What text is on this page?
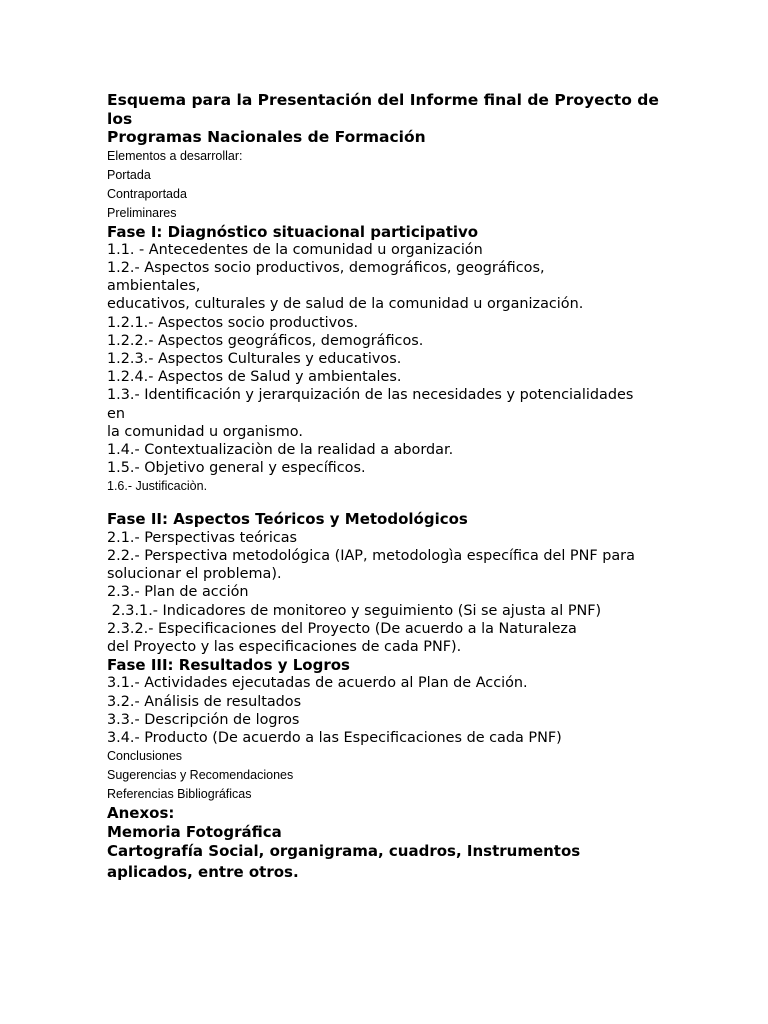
Esquema para la Presentación del Informe final de Proyecto de
los
Programas Nacionales de Formación
Elementos a desarrollar:
Portada
Contraportada
Preliminares
Fase I: Diagnóstico situacional participativo
1.1. - Antecedentes de la comunidad u organización
1.2.- Aspectos socio productivos, demográficos, geográficos,
ambientales,
educativos, culturales y de salud de la comunidad u organización.
1.2.1.- Aspectos socio productivos.
1.2.2.- Aspectos geográficos, demográficos.
1.2.3.- Aspectos Culturales y educativos.
1.2.4.- Aspectos de Salud y ambientales.
1.3.- Identificación y jerarquización de las necesidades y potencialidades
en
la comunidad u organismo.
1.4.- Contextualizaciòn de la realidad a abordar.
1.5.- Objetivo general y específicos.
1.6.- Justificaciòn.
Fase II: Aspectos Teóricos y Metodológicos
2.1.- Perspectivas teóricas
2.2.- Perspectiva metodológica (IAP, metodologìa específica del PNF para
solucionar el problema).
2.3.- Plan de acción
2.3.1.- Indicadores de monitoreo y seguimiento (Si se ajusta al PNF)
2.3.2.- Especificaciones del Proyecto (De acuerdo a la Naturaleza
del Proyecto y las especificaciones de cada PNF).
Fase III: Resultados y Logros
3.1.- Actividades ejecutadas de acuerdo al Plan de Acción.
3.2.- Análisis de resultados
3.3.- Descripción de logros
3.4.- Producto (De acuerdo a las Especificaciones de cada PNF)
Conclusiones
Sugerencias y Recomendaciones
Referencias Bibliográficas
Anexos:
Memoria Fotográfica
Cartografía Social, organigrama, cuadros, Instrumentos
aplicados, entre otros.
